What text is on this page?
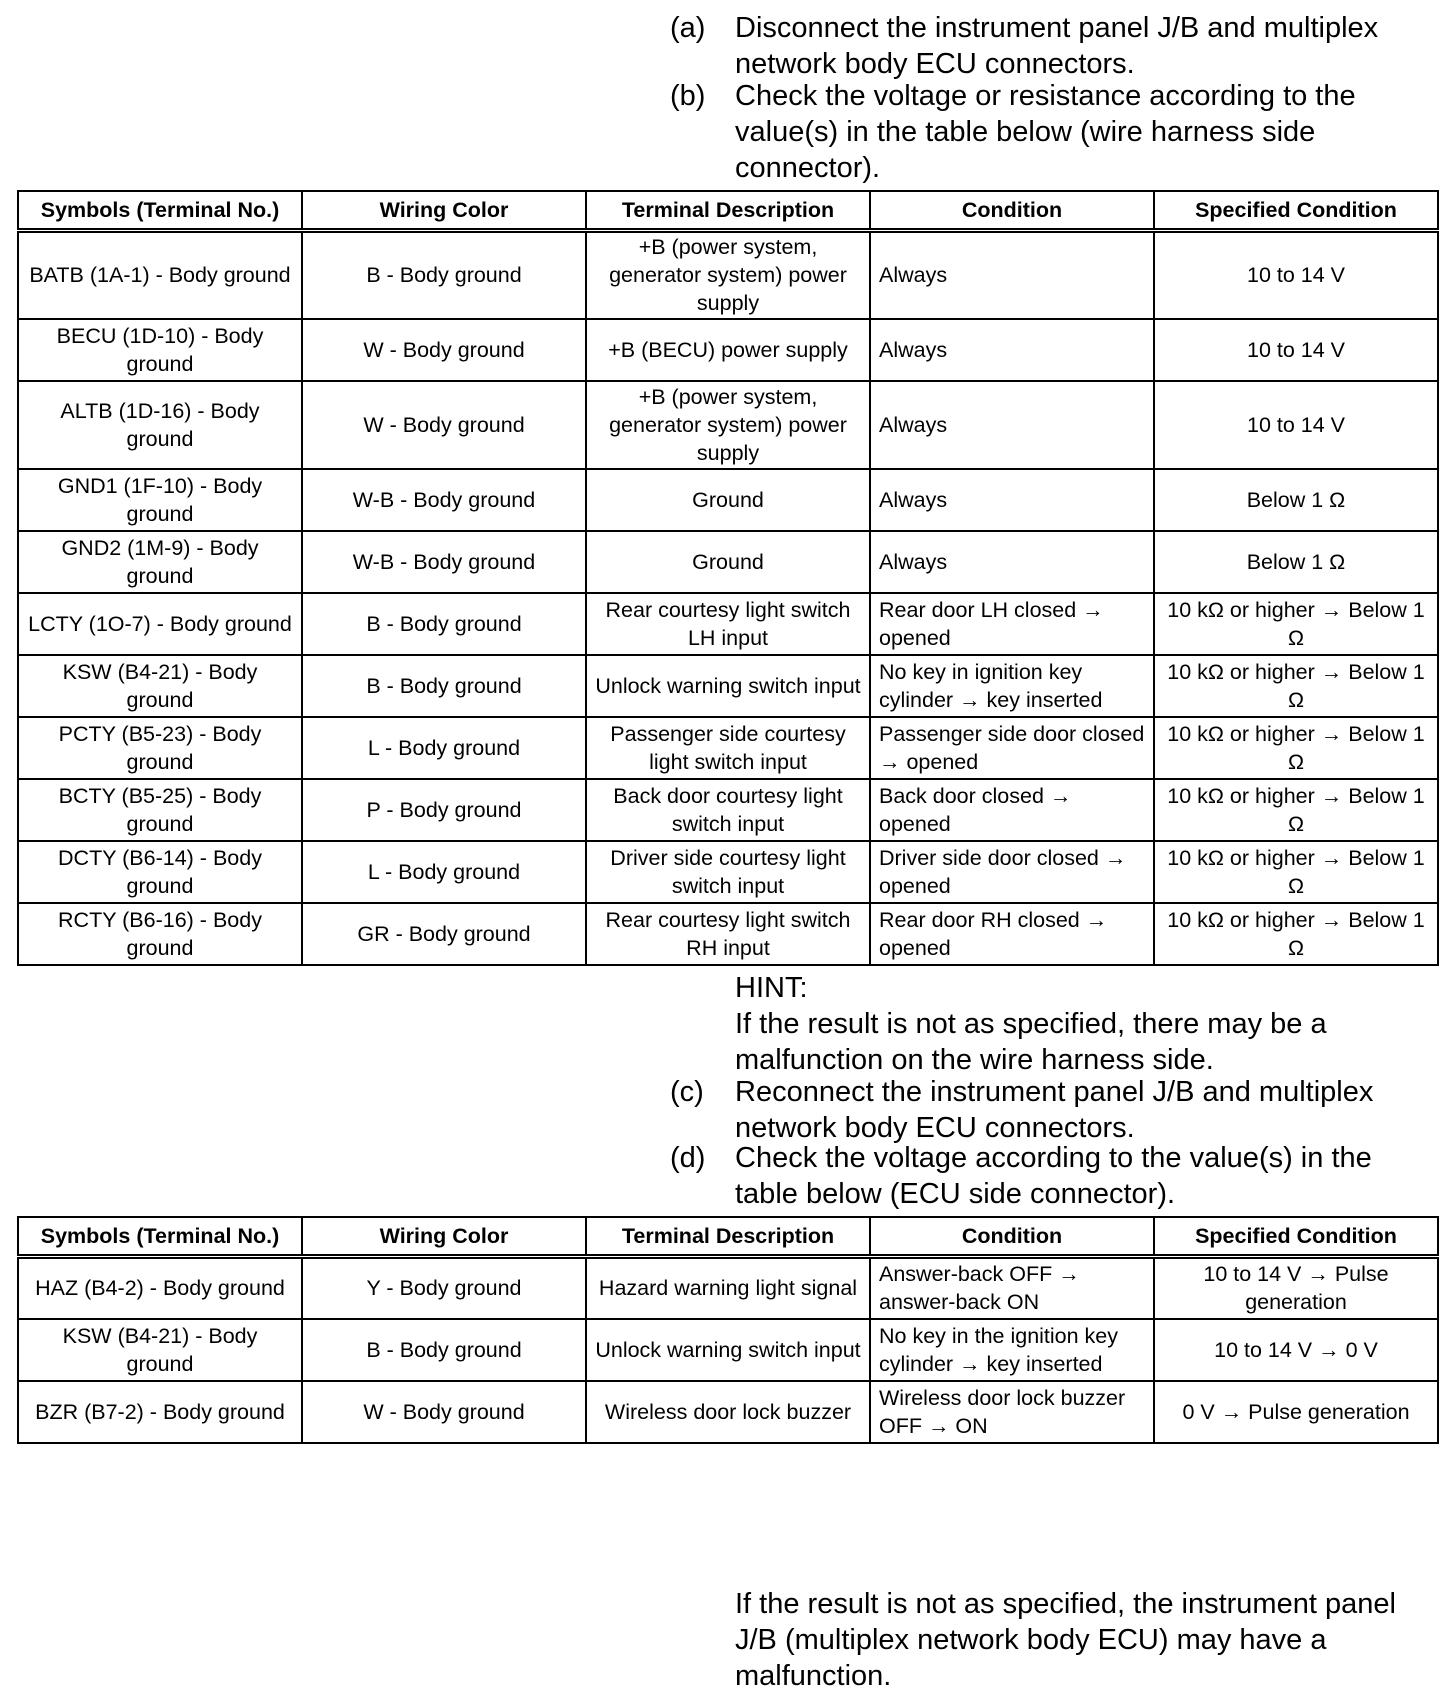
(a) Disconnect the instrument panel J/B and multiplex network body ECU connectors.
(b) Check the voltage or resistance according to the value(s) in the table below (wire harness side connector).
Symbols (Terminal No.)	Wiring Color	Terminal Description	Condition	Specified Condition
BATB (1A-1) - Body ground	B - Body ground	+B (power system, generator system) power supply	Always	10 to 14 V
BECU (1D-10) - Body ground	W - Body ground	+B (BECU) power supply	Always	10 to 14 V
ALTB (1D-16) - Body ground	W - Body ground	+B (power system, generator system) power supply	Always	10 to 14 V
GND1 (1F-10) - Body ground	W-B - Body ground	Ground	Always	Below 1 Ω
GND2 (1M-9) - Body ground	W-B - Body ground	Ground	Always	Below 1 Ω
LCTY (1O-7) - Body ground	B - Body ground	Rear courtesy light switch LH input	Rear door LH closed → opened	10 kΩ or higher → Below 1 Ω
KSW (B4-21) - Body ground	B - Body ground	Unlock warning switch input	No key in ignition key cylinder → key inserted	10 kΩ or higher → Below 1 Ω
PCTY (B5-23) - Body ground	L - Body ground	Passenger side courtesy light switch input	Passenger side door closed → opened	10 kΩ or higher → Below 1 Ω
BCTY (B5-25) - Body ground	P - Body ground	Back door courtesy light switch input	Back door closed → opened	10 kΩ or higher → Below 1 Ω
DCTY (B6-14) - Body ground	L - Body ground	Driver side courtesy light switch input	Driver side door closed → opened	10 kΩ or higher → Below 1 Ω
RCTY (B6-16) - Body ground	GR - Body ground	Rear courtesy light switch RH input	Rear door RH closed → opened	10 kΩ or higher → Below 1 Ω
HINT:
If the result is not as specified, there may be a malfunction on the wire harness side.
(c) Reconnect the instrument panel J/B and multiplex network body ECU connectors.
(d) Check the voltage according to the value(s) in the table below (ECU side connector).
Symbols (Terminal No.)	Wiring Color	Terminal Description	Condition	Specified Condition
HAZ (B4-2) - Body ground	Y - Body ground	Hazard warning light signal	Answer-back OFF → answer-back ON	10 to 14 V → Pulse generation
KSW (B4-21) - Body ground	B - Body ground	Unlock warning switch input	No key in the ignition key cylinder → key inserted	10 to 14 V → 0 V
BZR (B7-2) - Body ground	W - Body ground	Wireless door lock buzzer	Wireless door lock buzzer OFF → ON	0 V → Pulse generation
If the result is not as specified, the instrument panel J/B (multiplex network body ECU) may have a malfunction.
